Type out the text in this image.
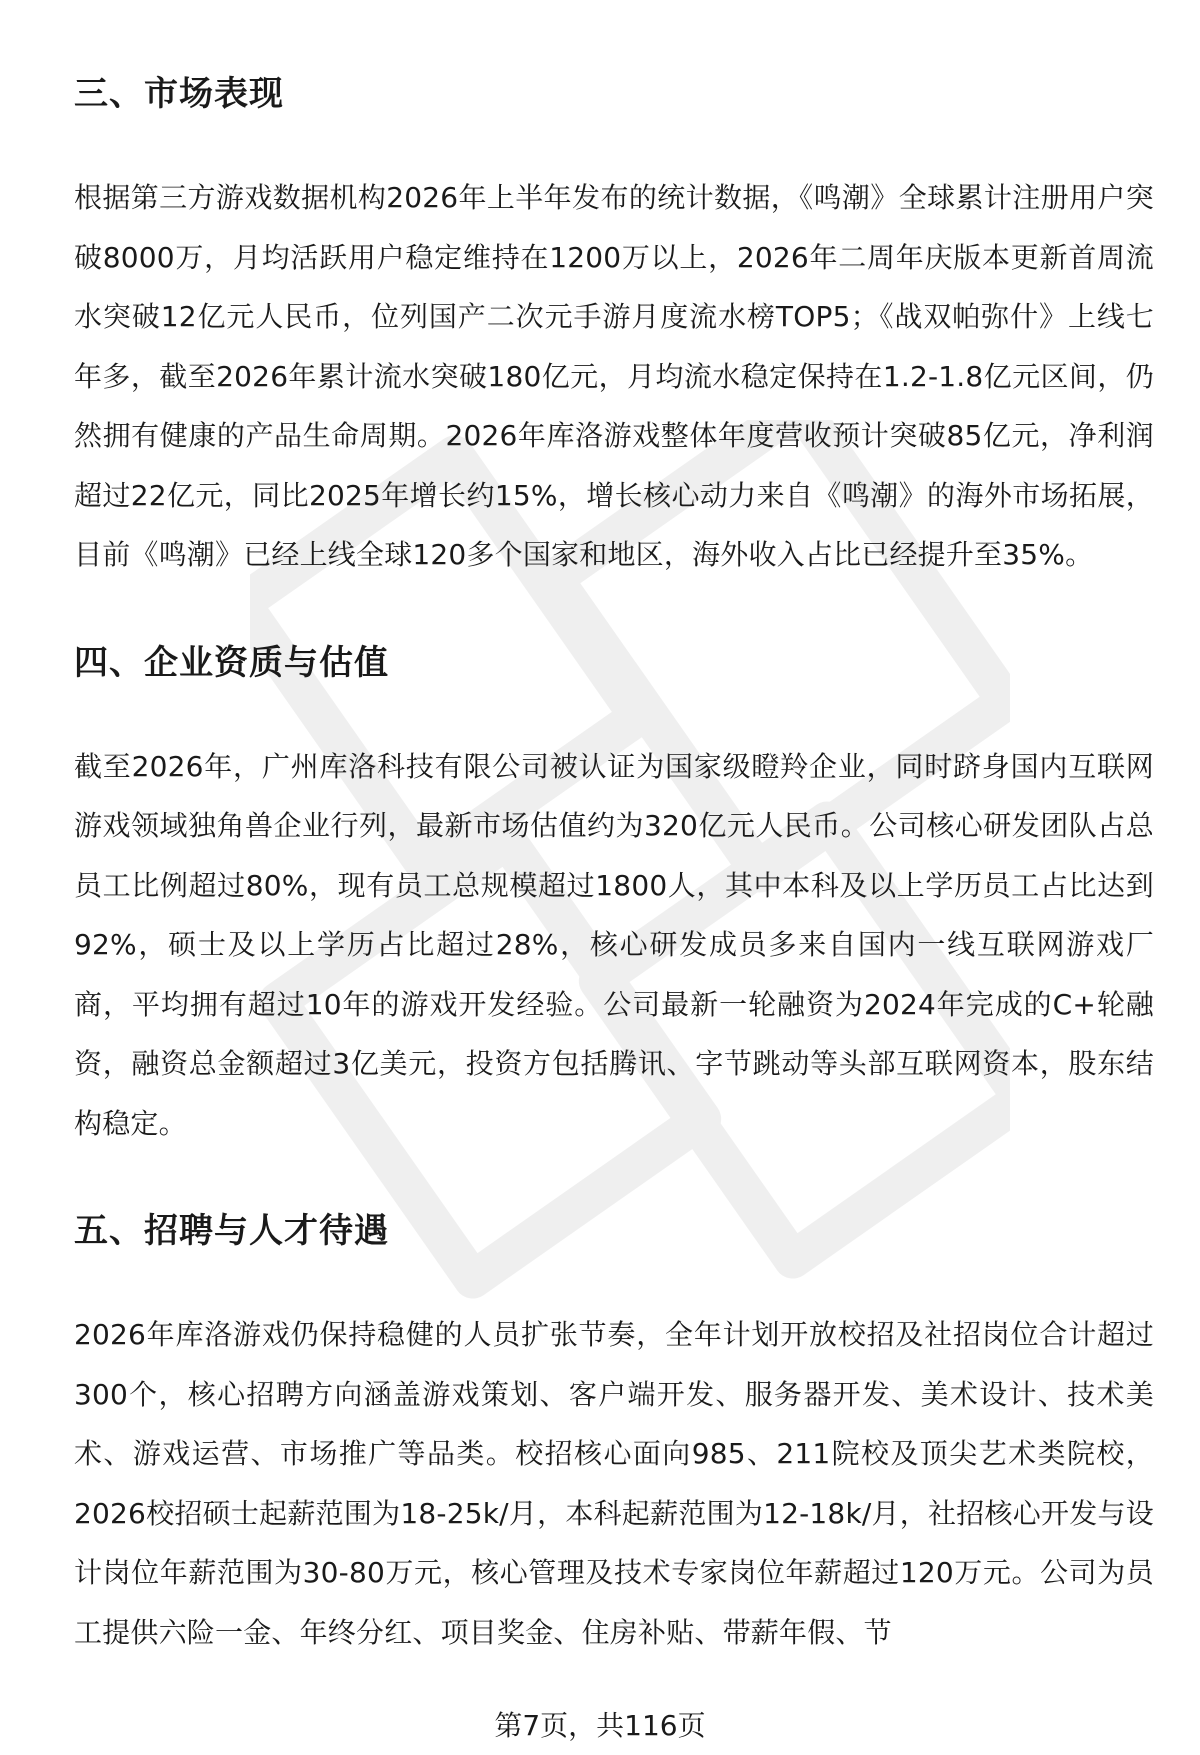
三、市场表现

根据第三方游戏数据机构2026年上半年发布的统计数据，《鸣潮》全球累计注册用户突破8000万，月均活跃用户稳定维持在1200万以上，2026年二周年庆版本更新首周流水突破12亿元人民币，位列国产二次元手游月度流水榜TOP5；《战双帕弥什》上线七年多，截至2026年累计流水突破180亿元，月均流水稳定保持在1.2-1.8亿元区间，仍然拥有健康的产品生命周期。2026年库洛游戏整体年度营收预计突破85亿元，净利润超过22亿元，同比2025年增长约15%，增长核心动力来自《鸣潮》的海外市场拓展，目前《鸣潮》已经上线全球120多个国家和地区，海外收入占比已经提升至35%。

四、企业资质与估值

截至2026年，广州库洛科技有限公司被认证为国家级瞪羚企业，同时跻身国内互联网游戏领域独角兽企业行列，最新市场估值约为320亿元人民币。公司核心研发团队占总员工比例超过80%，现有员工总规模超过1800人，其中本科及以上学历员工占比达到92%，硕士及以上学历占比超过28%，核心研发成员多来自国内一线互联网游戏厂商，平均拥有超过10年的游戏开发经验。公司最新一轮融资为2024年完成的C+轮融资，融资总金额超过3亿美元，投资方包括腾讯、字节跳动等头部互联网资本，股东结构稳定。

五、招聘与人才待遇

2026年库洛游戏仍保持稳健的人员扩张节奏，全年计划开放校招及社招岗位合计超过300个，核心招聘方向涵盖游戏策划、客户端开发、服务器开发、美术设计、技术美术、游戏运营、市场推广等品类。校招核心面向985、211院校及顶尖艺术类院校，2026校招硕士起薪范围为18-25k/月，本科起薪范围为12-18k/月，社招核心开发与设计岗位年薪范围为30-80万元，核心管理及技术专家岗位年薪超过120万元。公司为员工提供六险一金、年终分红、项目奖金、住房补贴、带薪年假、节

第7页，共116页
